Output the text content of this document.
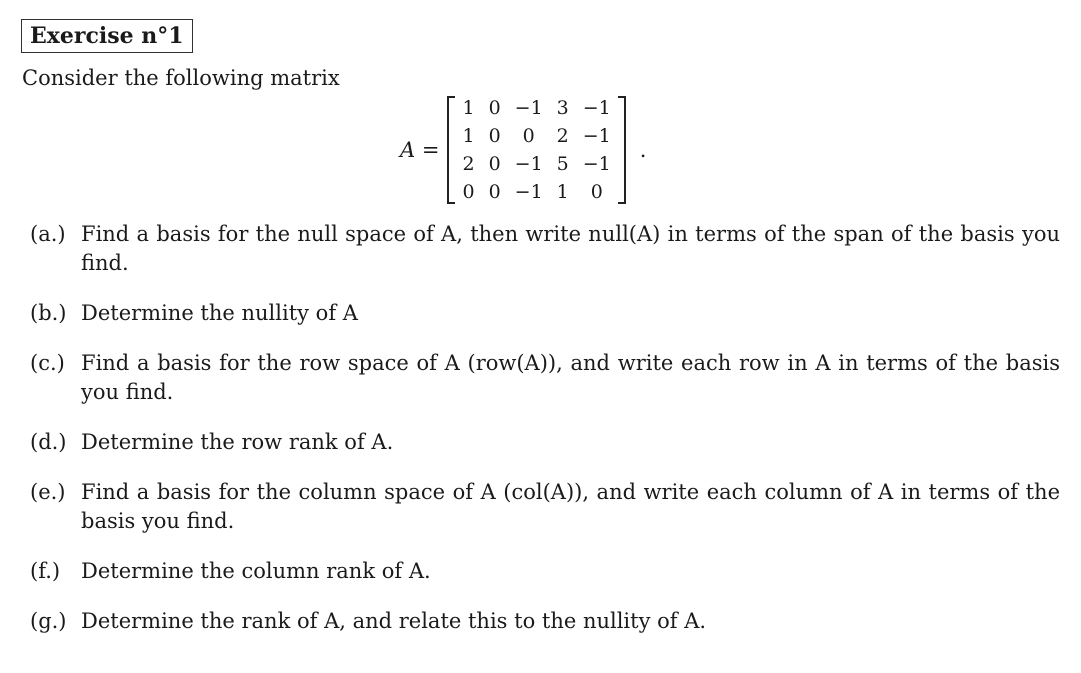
Exercise n°1
Consider the following matrix
A =
1	0	−1	3	−1
1	0	0	2	−1
2	0	−1	5	−1
0	0	−1	1	0
.
(a.) Find a basis for the null space of A, then write null(A) in terms of the span of the basis you find.
(b.) Determine the nullity of A
(c.) Find a basis for the row space of A (row(A)), and write each row in A in terms of the basis you find.
(d.) Determine the row rank of A.
(e.) Find a basis for the column space of A (col(A)), and write each column of A in terms of the basis you find.
(f.) Determine the column rank of A.
(g.) Determine the rank of A, and relate this to the nullity of A.
